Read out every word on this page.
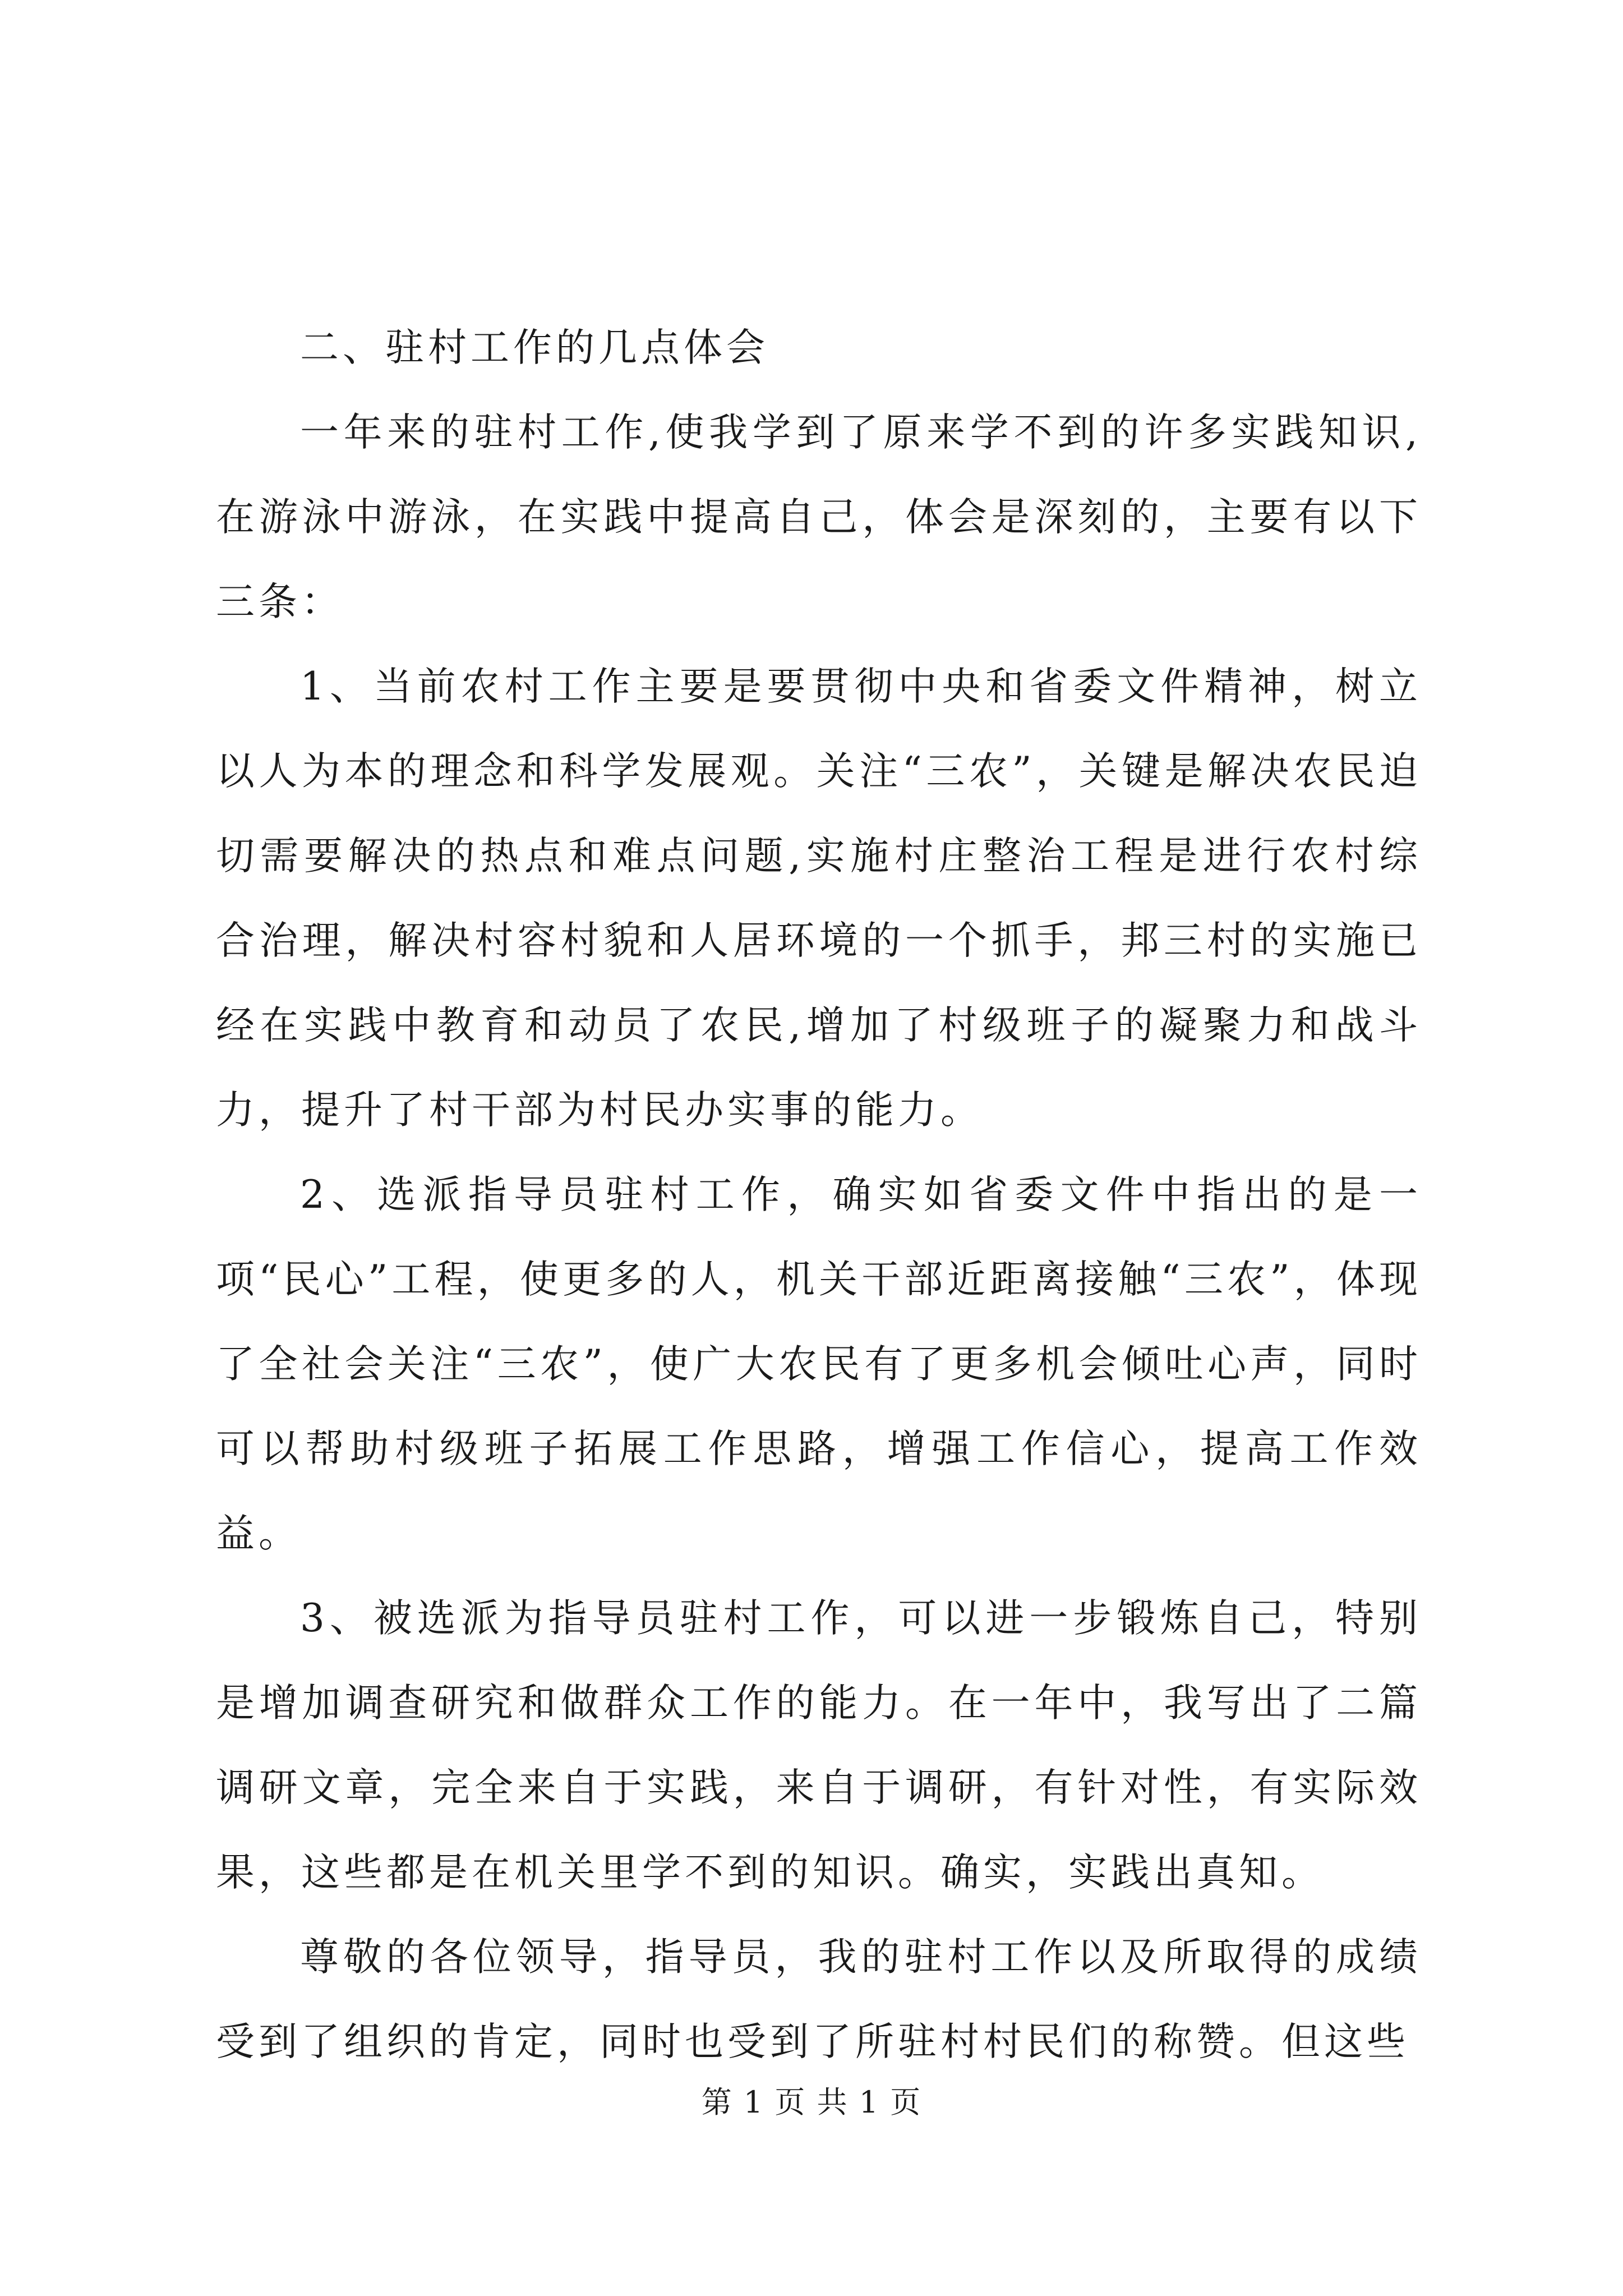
二、驻村工作的几点体会

一年来的驻村工作,使我学到了原来学不到的许多实践知识,在游泳中游泳，在实践中提高自己，体会是深刻的，主要有以下三条：

1、当前农村工作主要是要贯彻中央和省委文件精神，树立以人为本的理念和科学发展观。关注“三农”，关键是解决农民迫切需要解决的热点和难点问题,实施村庄整治工程是进行农村综合治理，解决村容村貌和人居环境的一个抓手，邦三村的实施已经在实践中教育和动员了农民,增加了村级班子的凝聚力和战斗力，提升了村干部为村民办实事的能力。

2、选派指导员驻村工作，确实如省委文件中指出的是一项“民心”工程，使更多的人，机关干部近距离接触“三农”，体现了全社会关注“三农”，使广大农民有了更多机会倾吐心声，同时可以帮助村级班子拓展工作思路，增强工作信心，提高工作效益。

3、被选派为指导员驻村工作，可以进一步锻炼自己，特别是增加调查研究和做群众工作的能力。在一年中，我写出了二篇调研文章，完全来自于实践，来自于调研，有针对性，有实际效果，这些都是在机关里学不到的知识。确实，实践出真知。

尊敬的各位领导，指导员，我的驻村工作以及所取得的成绩受到了组织的肯定，同时也受到了所驻村村民们的称赞。但这些

第 1 页 共 1 页
